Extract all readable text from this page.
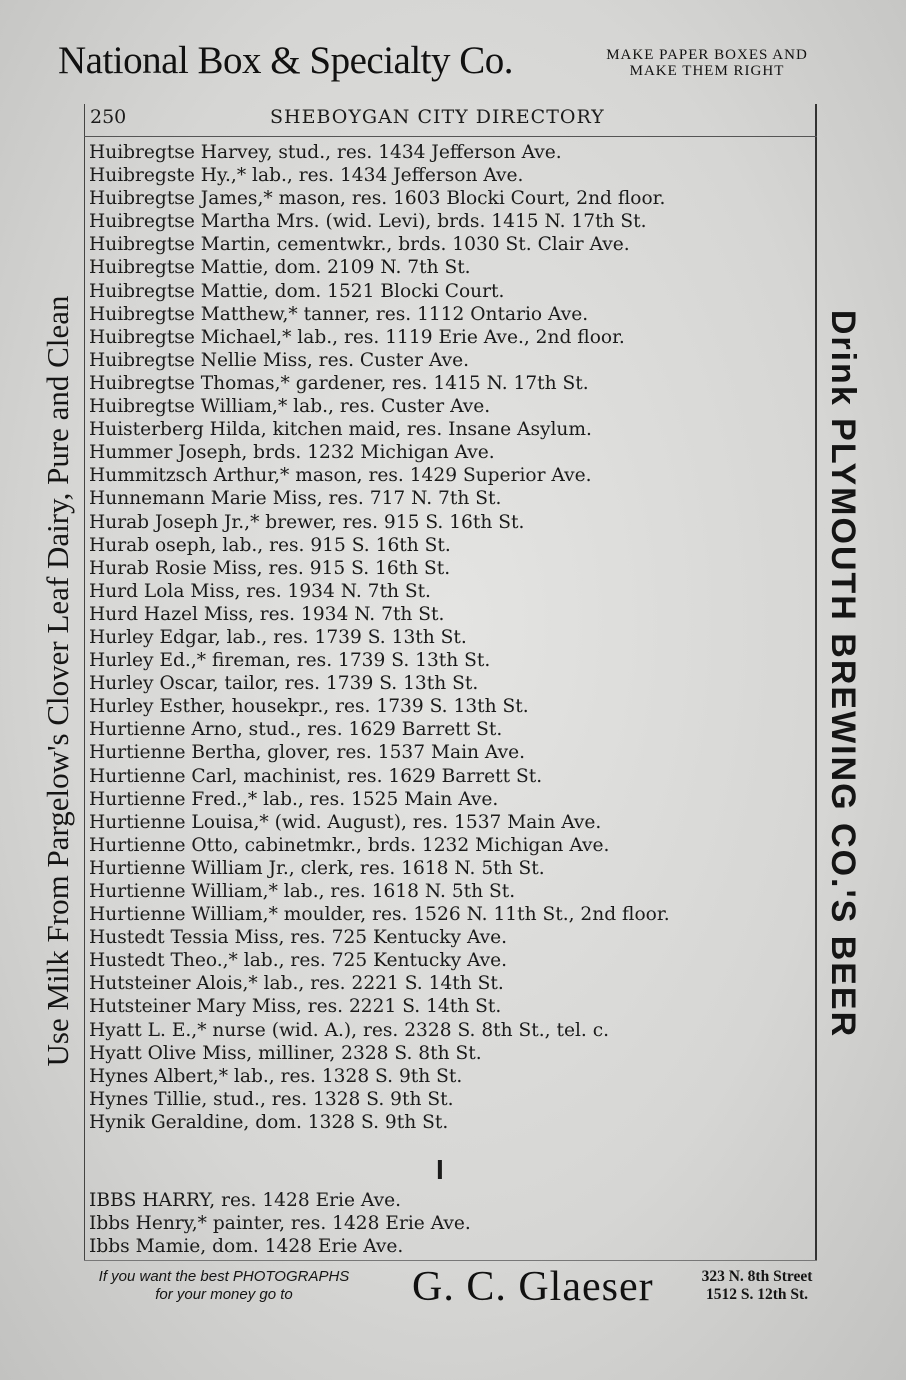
National Box & Specialty Co.	MAKE PAPER BOXES AND
MAKE THEM RIGHT
Use Milk From Pargelow's Clover Leaf Dairy, Pure and Clean	Drink PLYMOUTH BREWING CO.'S BEER
250	SHEBOYGAN CITY DIRECTORY
Huibregtse Harvey, stud., res. 1434 Jefferson Ave.
Huibregste Hy.,* lab., res. 1434 Jefferson Ave.
Huibregtse James,* mason, res. 1603 Blocki Court, 2nd floor.
Huibregtse Martha Mrs. (wid. Levi), brds. 1415 N. 17th St.
Huibregtse Martin, cementwkr., brds. 1030 St. Clair Ave.
Huibregtse Mattie, dom. 2109 N. 7th St.
Huibregtse Mattie, dom. 1521 Blocki Court.
Huibregtse Matthew,* tanner, res. 1112 Ontario Ave.
Huibregtse Michael,* lab., res. 1119 Erie Ave., 2nd floor.
Huibregtse Nellie Miss, res. Custer Ave.
Huibregtse Thomas,* gardener, res. 1415 N. 17th St.
Huibregtse William,* lab., res. Custer Ave.
Huisterberg Hilda, kitchen maid, res. Insane Asylum.
Hummer Joseph, brds. 1232 Michigan Ave.
Hummitzsch Arthur,* mason, res. 1429 Superior Ave.
Hunnemann Marie Miss, res. 717 N. 7th St.
Hurab Joseph Jr.,* brewer, res. 915 S. 16th St.
Hurab oseph, lab., res. 915 S. 16th St.
Hurab Rosie Miss, res. 915 S. 16th St.
Hurd Lola Miss, res. 1934 N. 7th St.
Hurd Hazel Miss, res. 1934 N. 7th St.
Hurley Edgar, lab., res. 1739 S. 13th St.
Hurley Ed.,* fireman, res. 1739 S. 13th St.
Hurley Oscar, tailor, res. 1739 S. 13th St.
Hurley Esther, housekpr., res. 1739 S. 13th St.
Hurtienne Arno, stud., res. 1629 Barrett St.
Hurtienne Bertha, glover, res. 1537 Main Ave.
Hurtienne Carl, machinist, res. 1629 Barrett St.
Hurtienne Fred.,* lab., res. 1525 Main Ave.
Hurtienne Louisa,* (wid. August), res. 1537 Main Ave.
Hurtienne Otto, cabinetmkr., brds. 1232 Michigan Ave.
Hurtienne William Jr., clerk, res. 1618 N. 5th St.
Hurtienne William,* lab., res. 1618 N. 5th St.
Hurtienne William,* moulder, res. 1526 N. 11th St., 2nd floor.
Hustedt Tessia Miss, res. 725 Kentucky Ave.
Hustedt Theo.,* lab., res. 725 Kentucky Ave.
Hutsteiner Alois,* lab., res. 2221 S. 14th St.
Hutsteiner Mary Miss, res. 2221 S. 14th St.
Hyatt L. E.,* nurse (wid. A.), res. 2328 S. 8th St., tel. c.
Hyatt Olive Miss, milliner, 2328 S. 8th St.
Hynes Albert,* lab., res. 1328 S. 9th St.
Hynes Tillie, stud., res. 1328 S. 9th St.
Hynik Geraldine, dom. 1328 S. 9th St.
I
IBBS HARRY, res. 1428 Erie Ave.
Ibbs Henry,* painter, res. 1428 Erie Ave.
Ibbs Mamie, dom. 1428 Erie Ave.
If you want the best PHOTOGRAPHS
for your money go to	G. C. Glaeser	323 N. 8th Street
1512 S. 12th St.
